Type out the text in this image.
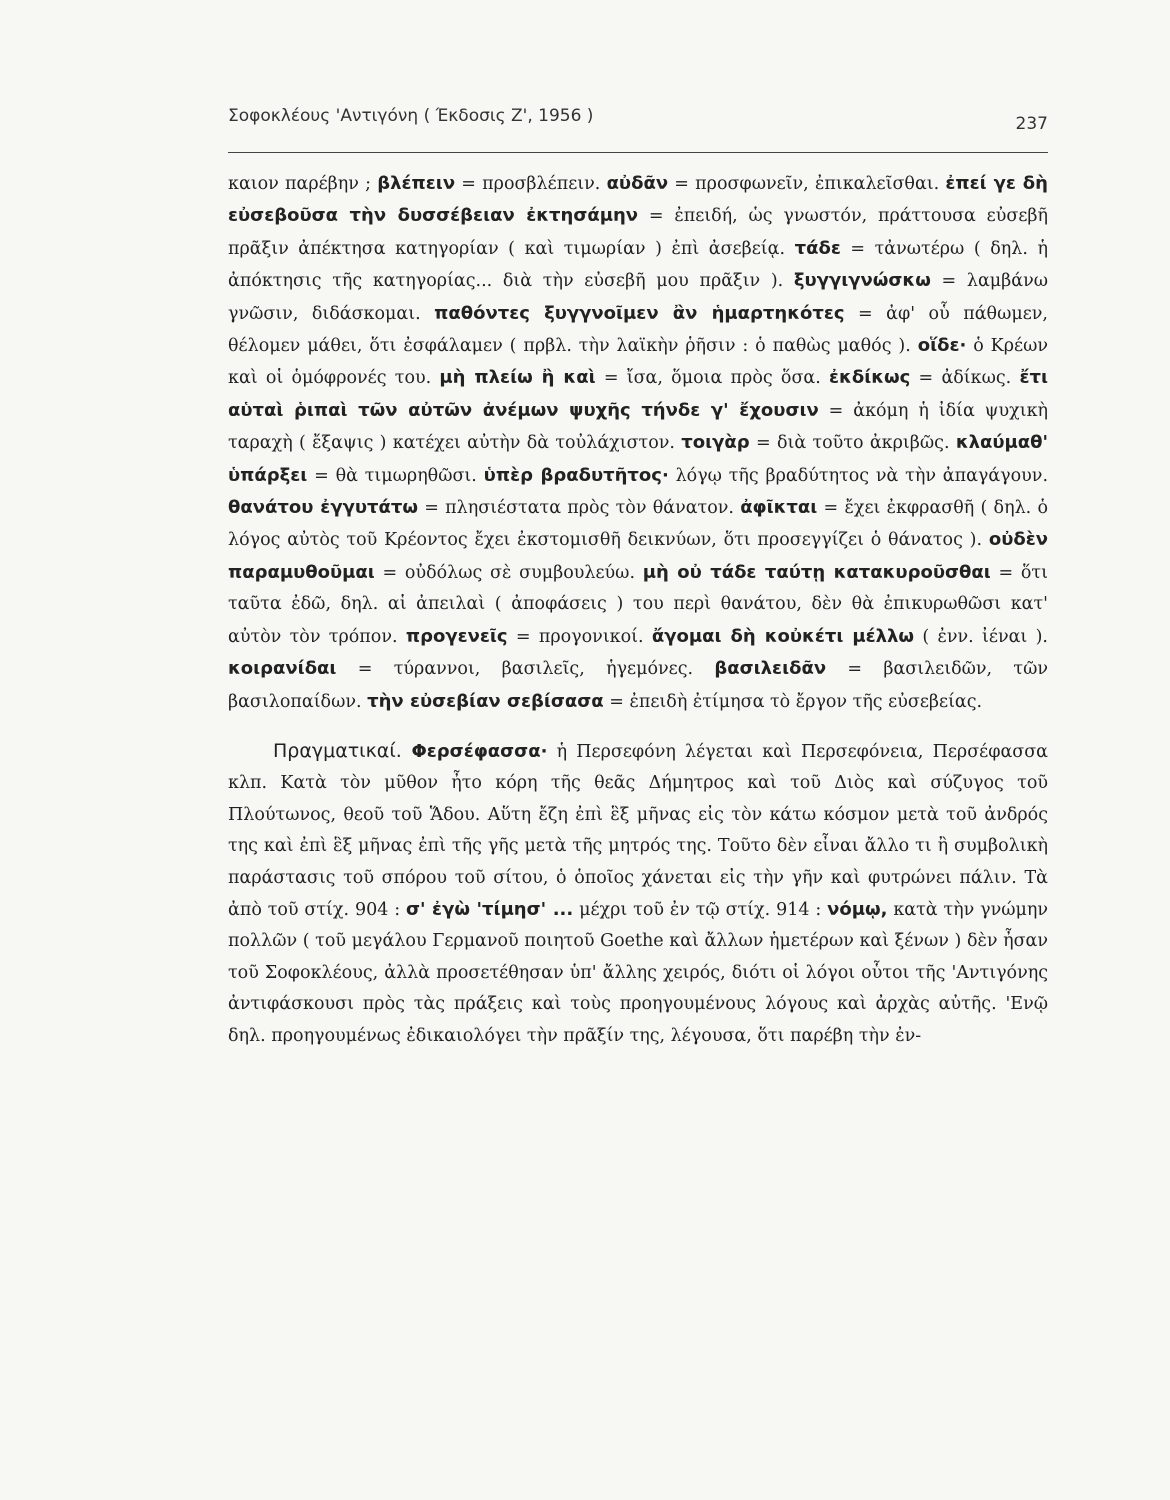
Σοφοκλέους 'Αντιγόνη ( Έκδοσις Ζ', 1956 )	237

καιον παρέβην ; βλέπειν = προσβλέπειν. αὐδᾶν = προσφωνεῖν, ἐπικαλεῖσθαι. ἐπεί γε δὴ εὐσεβοῦσα τὴν δυσσέβειαν ἐκτησάμην = ἐπειδή, ὡς γνωστόν, πράττουσα εὐσεβῆ πρᾶξιν ἀπέκτησα κατηγορίαν ( καὶ τιμωρίαν ) ἐπὶ ἀσεβείᾳ. τάδε = τἀνωτέρω ( δηλ. ἡ ἀπόκτησις τῆς κατηγορίας... διὰ τὴν εὐσεβῆ μου πρᾶξιν ). ξυγγιγνώσκω = λαμβάνω γνῶσιν, διδάσκομαι. παθόντες ξυγγνοῖμεν ἂν ἡμαρτηκότες = ἀφ' οὗ πάθωμεν, θέλομεν μάθει, ὅτι ἐσφάλαμεν ( πρβλ. τὴν λαϊκὴν ῥῆσιν : ὁ παθὼς μαθός ). οἵδε· ὁ Κρέων καὶ οἱ ὁμόφρονές του. μὴ πλείω ἢ καὶ = ἴσα, ὅμοια πρὸς ὅσα. ἐκδίκως = ἀδίκως. ἔτι αὑταὶ ῥιπαὶ τῶν αὐτῶν ἀνέμων ψυχῆς τήνδε γ' ἔχουσιν = ἀκόμη ἡ ἰδία ψυχικὴ ταραχὴ ( ἔξαψις ) κατέχει αὐτὴν δὰ τοὐλάχιστον. τοιγὰρ = διὰ τοῦτο ἀκριβῶς. κλαύμαθ' ὑπάρξει = θὰ τιμωρηθῶσι. ὑπὲρ βραδυτῆτος· λόγῳ τῆς βραδύτητος νὰ τὴν ἀπαγάγουν. θανάτου ἐγγυτάτω = πλησιέστατα πρὸς τὸν θάνατον. ἀφῖκται = ἔχει ἐκφρασθῆ ( δηλ. ὁ λόγος αὐτὸς τοῦ Κρέοντος ἔχει ἐκστομισθῆ δεικνύων, ὅτι προσεγγίζει ὁ θάνατος ). οὐδὲν παραμυθοῦμαι = οὐδόλως σὲ συμβουλεύω. μὴ οὐ τάδε ταύτῃ κατακυροῦσθαι = ὅτι ταῦτα ἐδῶ, δηλ. αἱ ἀπειλαὶ ( ἀποφάσεις ) του περὶ θανάτου, δὲν θὰ ἐπικυρωθῶσι κατ' αὐτὸν τὸν τρόπον. προγενεῖς = προγονικοί. ἄγομαι δὴ κοὐκέτι μέλλω ( ἐνν. ἰέναι ). κοιρανίδαι = τύραννοι, βασιλεῖς, ἡγεμόνες. βασιλειδᾶν = βασιλειδῶν, τῶν βασιλοπαίδων. τὴν εὐσεβίαν σεβίσασα = ἐπειδὴ ἐτίμησα τὸ ἔργον τῆς εὐσεβείας.

Πραγματικαί. Φερσέφασσα· ἡ Περσεφόνη λέγεται καὶ Περσεφόνεια, Περσέφασσα κλπ. Κατὰ τὸν μῦθον ἦτο κόρη τῆς θεᾶς Δήμητρος καὶ τοῦ Διὸς καὶ σύζυγος τοῦ Πλούτωνος, θεοῦ τοῦ Ἅδου. Αὕτη ἔζη ἐπὶ ἓξ μῆνας εἰς τὸν κάτω κόσμον μετὰ τοῦ ἀνδρός της καὶ ἐπὶ ἓξ μῆνας ἐπὶ τῆς γῆς μετὰ τῆς μητρός της. Τοῦτο δὲν εἶναι ἄλλο τι ἢ συμβολικὴ παράστασις τοῦ σπόρου τοῦ σίτου, ὁ ὁποῖος χάνεται εἰς τὴν γῆν καὶ φυτρώνει πάλιν. Τὰ ἀπὸ τοῦ στίχ. 904 : σ' ἐγὼ 'τίμησ' ... μέχρι τοῦ ἐν τῷ στίχ. 914 : νόμῳ, κατὰ τὴν γνώμην πολλῶν ( τοῦ μεγάλου Γερμανοῦ ποιητοῦ Goethe καὶ ἄλλων ἡμετέρων καὶ ξένων ) δὲν ἦσαν τοῦ Σοφοκλέους, ἀλλὰ προσετέθησαν ὑπ' ἄλλης χειρός, διότι οἱ λόγοι οὗτοι τῆς 'Αντιγόνης ἀντιφάσκουσι πρὸς τὰς πράξεις καὶ τοὺς προηγουμένους λόγους καὶ ἀρχὰς αὐτῆς. 'Ενῷ δηλ. προηγουμένως ἐδικαιολόγει τὴν πρᾶξίν της, λέγουσα, ὅτι παρέβη τὴν ἐν-
